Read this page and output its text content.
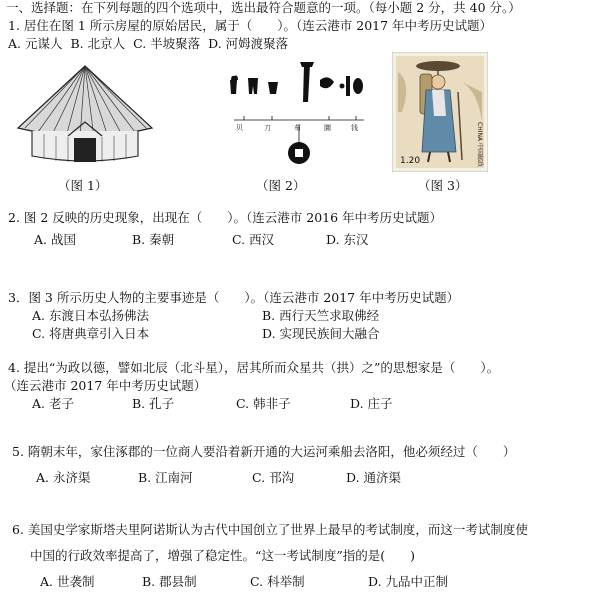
一、选择题：在下列每题的四个选项中，选出最符合题意的一项。（每小题 2 分，共 40 分。）
1. 居住在图 1 所示房屋的原始居民，属于（　　）。（连云港市 2017 年中考历史试题）
A. 元谋人 B. 北京人 C. 半坡聚落 D. 河姆渡聚落
（图 1）
贝	刀	布	圜	钱
（图 2）
1.20	CHINA 中国邮政
（图 3）
2. 图 2 反映的历史现象，出现在（　　）。（连云港市 2016 年中考历史试题）
A. 战国	B. 秦朝	C. 西汉	D. 东汉
3．图 3 所示历史人物的主要事迹是（　　）。（连云港市 2017 年中考历史试题）
A. 东渡日本弘扬佛法	B. 西行天竺求取佛经
C. 将唐典章引入日本	D. 实现民族间大融合
4. 提出“为政以德，譬如北辰（北斗星），居其所而众星共（拱）之”的思想家是（　　）。
（连云港市 2017 年中考历史试题）
A. 老子	B. 孔子	C. 韩非子	D. 庄子
5. 隋朝末年，家住涿郡的一位商人要沿着新开通的大运河乘船去洛阳，他必须经过（　　）
A. 永济渠	B. 江南河	C. 邗沟	D. 通济渠
6. 美国史学家斯塔夫里阿诺斯认为古代中国创立了世界上最早的考试制度，而这一考试制度使
中国的行政效率提高了，增强了稳定性。“这一考试制度”指的是(　　)
A. 世袭制	B. 郡县制	C. 科举制	D. 九品中正制
